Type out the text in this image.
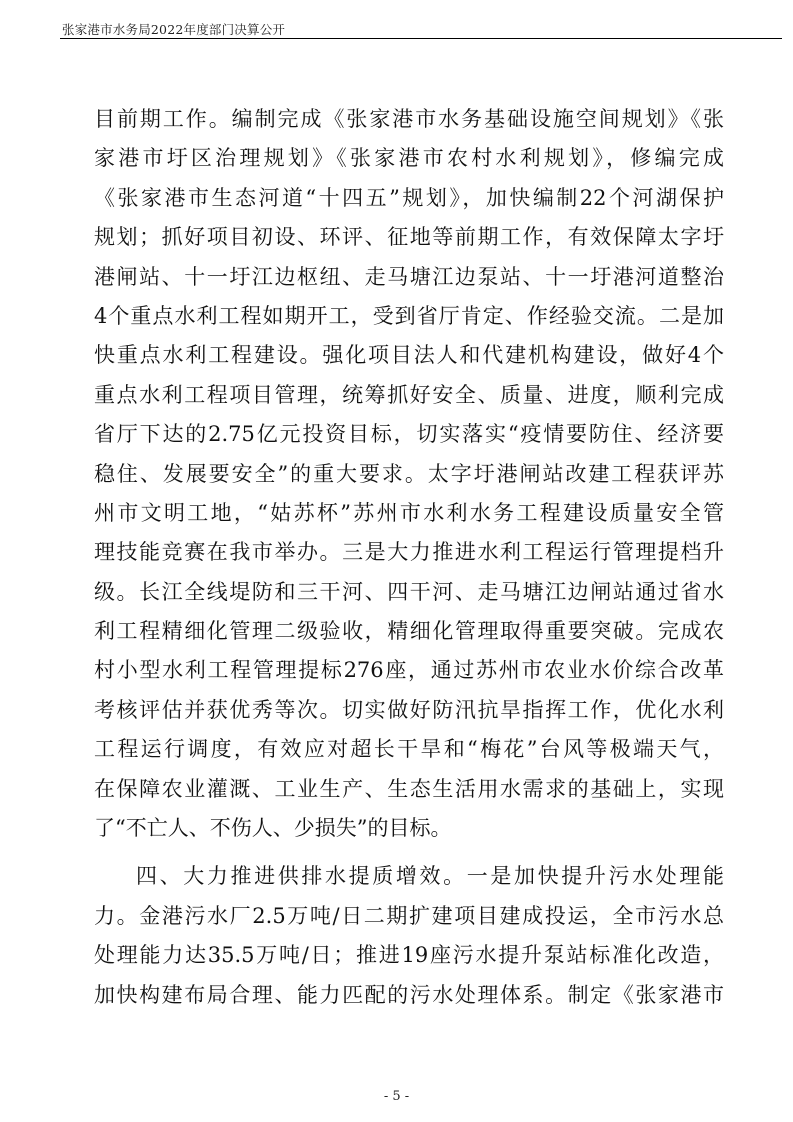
张家港市水务局2022年度部门决算公开
目前期工作。编制完成《张家港市水务基础设施空间规划》《张
家港市圩区治理规划》《张家港市农村水利规划》，修编完成
《张家港市生态河道“十四五”规划》，加快编制22个河湖保护
规划；抓好项目初设、环评、征地等前期工作，有效保障太字圩
港闸站、十一圩江边枢纽、走马塘江边泵站、十一圩港河道整治
4个重点水利工程如期开工，受到省厅肯定、作经验交流。二是加
快重点水利工程建设。强化项目法人和代建机构建设，做好4个
重点水利工程项目管理，统筹抓好安全、质量、进度，顺利完成
省厅下达的2.75亿元投资目标，切实落实“疫情要防住、经济要
稳住、发展要安全”的重大要求。太字圩港闸站改建工程获评苏
州市文明工地，“姑苏杯”苏州市水利水务工程建设质量安全管
理技能竞赛在我市举办。三是大力推进水利工程运行管理提档升
级。长江全线堤防和三干河、四干河、走马塘江边闸站通过省水
利工程精细化管理二级验收，精细化管理取得重要突破。完成农
村小型水利工程管理提标276座，通过苏州市农业水价综合改革
考核评估并获优秀等次。切实做好防汛抗旱指挥工作，优化水利
工程运行调度，有效应对超长干旱和“梅花”台风等极端天气，
在保障农业灌溉、工业生产、生态生活用水需求的基础上，实现
了“不亡人、不伤人、少损失”的目标。
四、大力推进供排水提质增效。一是加快提升污水处理能
力。金港污水厂2.5万吨/日二期扩建项目建成投运，全市污水总
处理能力达35.5万吨/日；推进19座污水提升泵站标准化改造，
加快构建布局合理、能力匹配的污水处理体系。制定《张家港市
- 5 -
